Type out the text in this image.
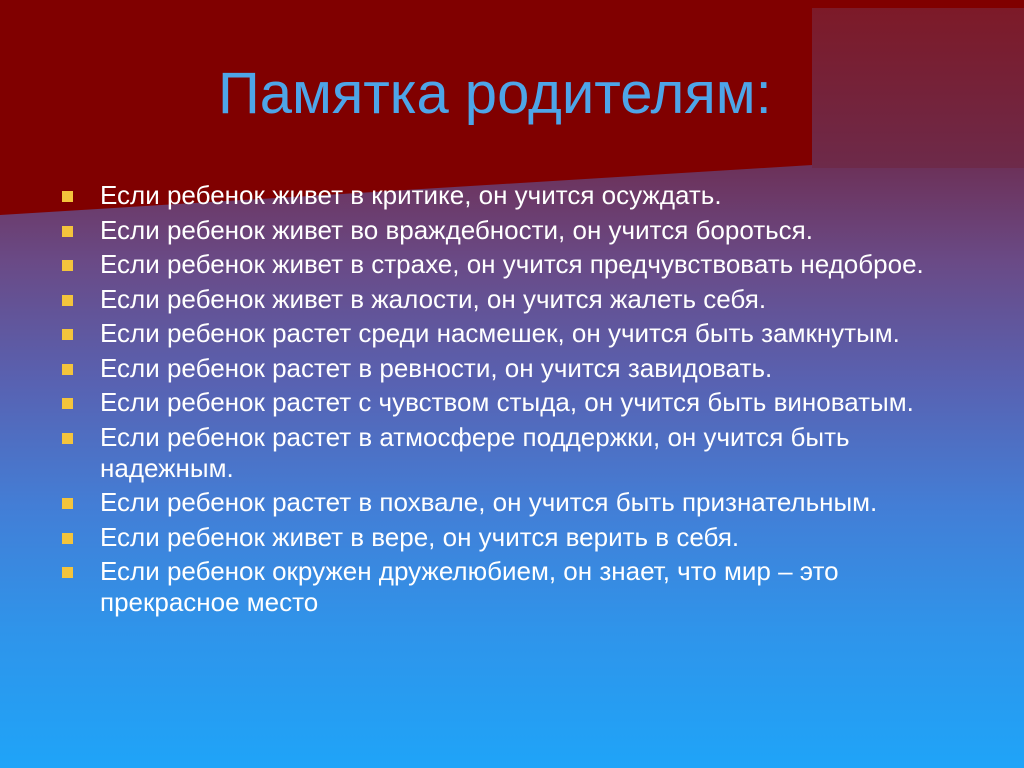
Памятка родителям:
Если ребенок живет в критике, он учится осуждать.
Если ребенок живет во враждебности, он учится бороться.
Если ребенок живет в страхе, он учится предчувствовать недоброе.
Если ребенок живет в жалости, он учится жалеть себя.
Если ребенок растет среди насмешек, он учится быть замкнутым.
Если ребенок растет в ревности, он учится завидовать.
Если ребенок растет с чувством стыда, он учится быть виноватым.
Если ребенок растет в атмосфере поддержки, он учится быть надежным.
Если ребенок растет в похвале, он учится быть признательным.
Если ребенок живет в вере, он учится верить в себя.
Если ребенок окружен дружелюбием, он знает, что мир – это прекрасное место
